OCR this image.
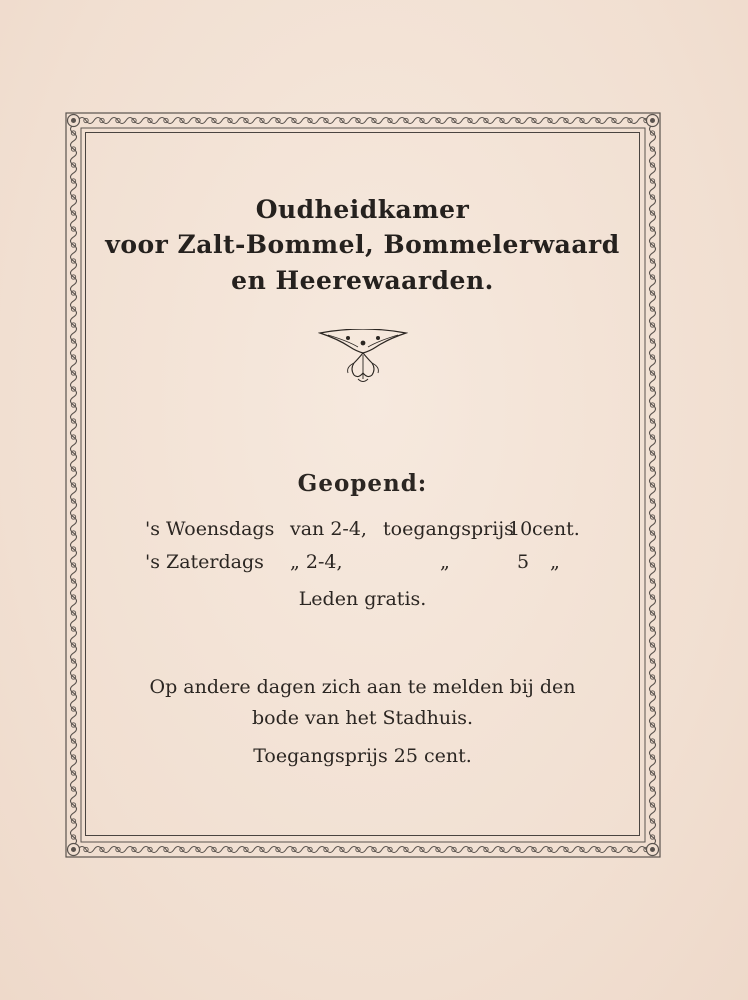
Oudheidkamer
voor Zalt-Bommel, Bommelerwaard
en Heerewaarden.
Geopend:
's Woensdags van 2-4, toegangsprijs
10 cent.
's Zaterdags „ 2-4,	„	5 „
Leden gratis.
Op andere dagen zich aan te melden bij den
bode van het Stadhuis.
Toegangsprijs 25 cent.
